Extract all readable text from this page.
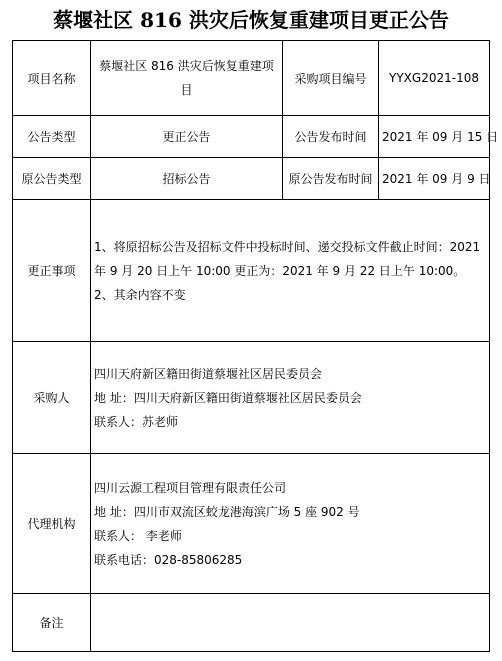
蔡堰社区 816 洪灾后恢复重建项目更正公告
项目名称	蔡堰社区 816 洪灾后恢复重建项目	采购项目编号	YYXG2021-108
公告类型	更正公告	公告发布时间	2021 年 09 月 15 日
原公告类型	招标公告	原公告发布时间	2021 年 09 月 9 日
更正事项	1、将原招标公告及招标文件中投标时间、递交投标文件截止时间：2021 年 9 月 20 日上午 10:00 更正为：2021 年 9 月 22 日上午 10:00。
2、其余内容不变		

采购人	四川天府新区籍田街道蔡堰社区居民委员会
地 址：四川天府新区籍田街道蔡堰社区居民委员会
联系人：苏老师		

代理机构	四川云源工程项目管理有限责任公司
地 址：四川市双流区蛟龙港海滨广场 5 座 902 号
联系人： 李老师
联系电话：028-85806285		

备注			
